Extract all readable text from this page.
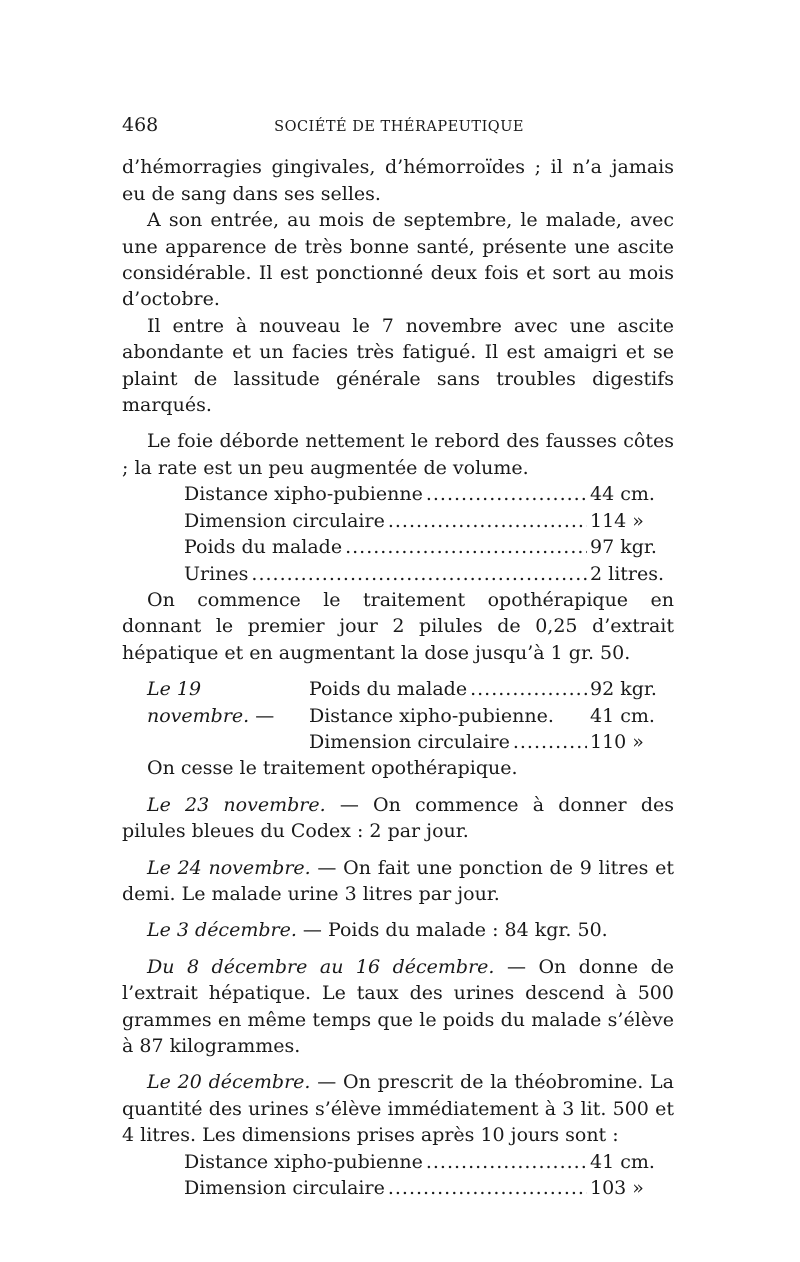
468	SOCIÉTÉ DE THÉRAPEUTIQUE

d’hémorragies gingivales, d’hémorroïdes ; il n’a jamais eu de sang dans ses selles.

A son entrée, au mois de septembre, le malade, avec une apparence de très bonne santé, présente une ascite considérable. Il est ponctionné deux fois et sort au mois d’octobre.

Il entre à nouveau le 7 novembre avec une ascite abondante et un facies très fatigué. Il est amaigri et se plaint de lassitude générale sans troubles digestifs marqués.

Le foie déborde nettement le rebord des fausses côtes ; la rate est un peu augmentée de volume.

Distance xipho-pubienne .....	44 cm.
Dimension circulaire .....	114 »
Poids du malade .....	97 kgr.
Urines .....	2 litres.

On commence le traitement opothérapique en donnant le premier jour 2 pilules de 0,25 d’extrait hépatique et en augmentant la dose jusqu’à 1 gr. 50.

Le 19 novembre. —
Poids du malade .....	92 kgr.
Distance xipho-pubienne. 41 cm.
Dimension circulaire .....	110 »

On cesse le traitement opothérapique.

Le 23 novembre. — On commence à donner des pilules bleues du Codex : 2 par jour.

Le 24 novembre. — On fait une ponction de 9 litres et demi. Le malade urine 3 litres par jour.

Le 3 décembre. — Poids du malade : 84 kgr. 50.

Du 8 décembre au 16 décembre. — On donne de l’extrait hépatique. Le taux des urines descend à 500 grammes en même temps que le poids du malade s’élève à 87 kilogrammes.

Le 20 décembre. — On prescrit de la théobromine. La quantité des urines s’élève immédiatement à 3 lit. 500 et 4 litres. Les dimensions prises après 10 jours sont :

Distance xipho-pubienne .....	41 cm.
Dimension circulaire .....	103 »
